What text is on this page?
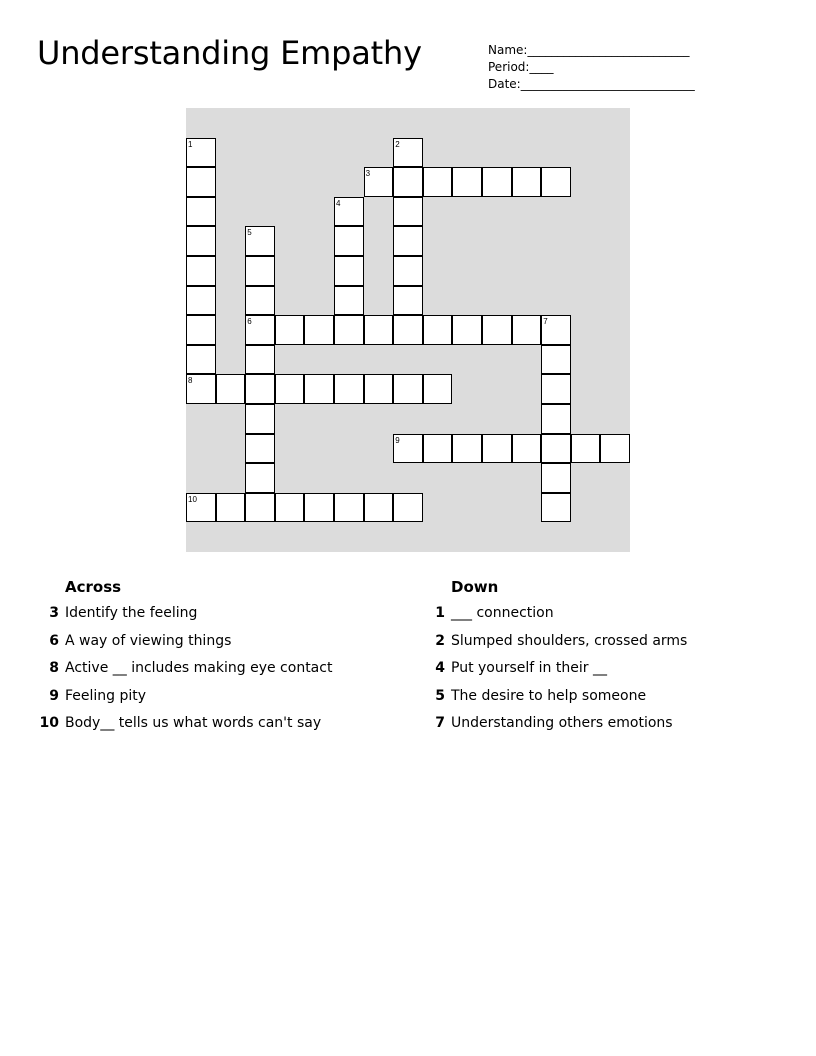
Understanding Empathy	Name:___________________________
Period:____
Date:_____________________________
1
8
2
3
4
5
6	7
9
10
Across
3 Identify the feeling
6 A way of viewing things
8 Active __ includes making eye contact
9 Feeling pity
10 Body__ tells us what words can't say
Down
1 ___ connection
2 Slumped shoulders, crossed arms
4 Put yourself in their __
5 The desire to help someone
7 Understanding others emotions
